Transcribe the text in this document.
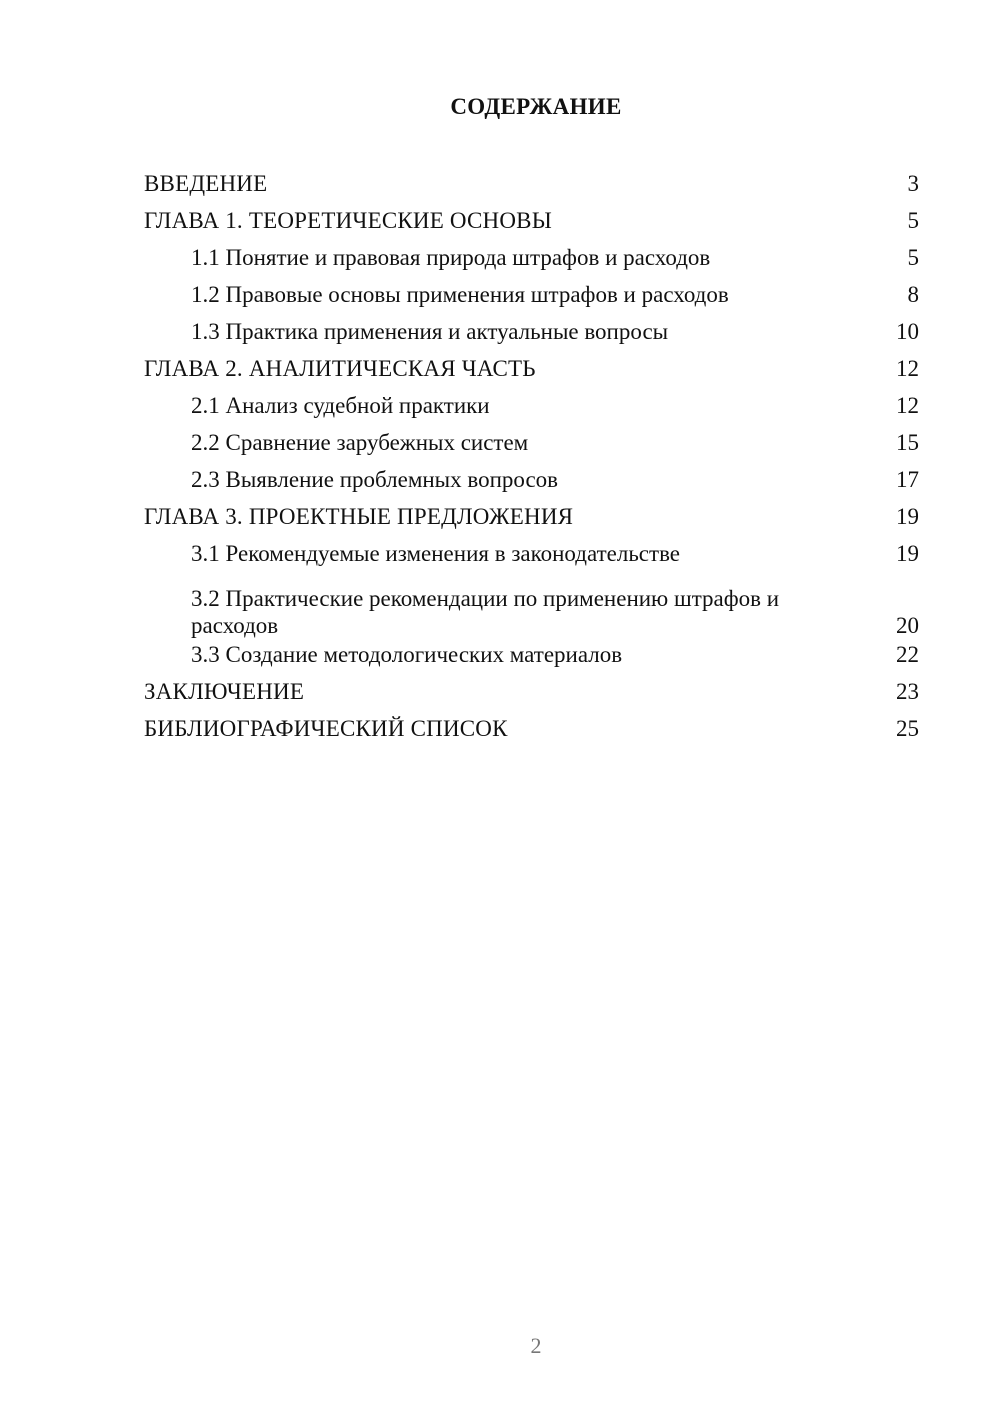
СОДЕРЖАНИЕ
ВВЕДЕНИЕ	3
ГЛАВА 1. ТЕОРЕТИЧЕСКИЕ ОСНОВЫ	5
1.1 Понятие и правовая природа штрафов и расходов	5
1.2 Правовые основы применения штрафов и расходов	8
1.3 Практика применения и актуальные вопросы	10
ГЛАВА 2. АНАЛИТИЧЕСКАЯ ЧАСТЬ	12
2.1 Анализ судебной практики	12
2.2 Сравнение зарубежных систем	15
2.3 Выявление проблемных вопросов	17
ГЛАВА 3. ПРОЕКТНЫЕ ПРЕДЛОЖЕНИЯ	19
3.1 Рекомендуемые изменения в законодательстве	19
3.2 Практические рекомендации по применению штрафов и расходов	20
3.3 Создание методологических материалов	22
ЗАКЛЮЧЕНИЕ	23
БИБЛИОГРАФИЧЕСКИЙ СПИСОК	25
2
